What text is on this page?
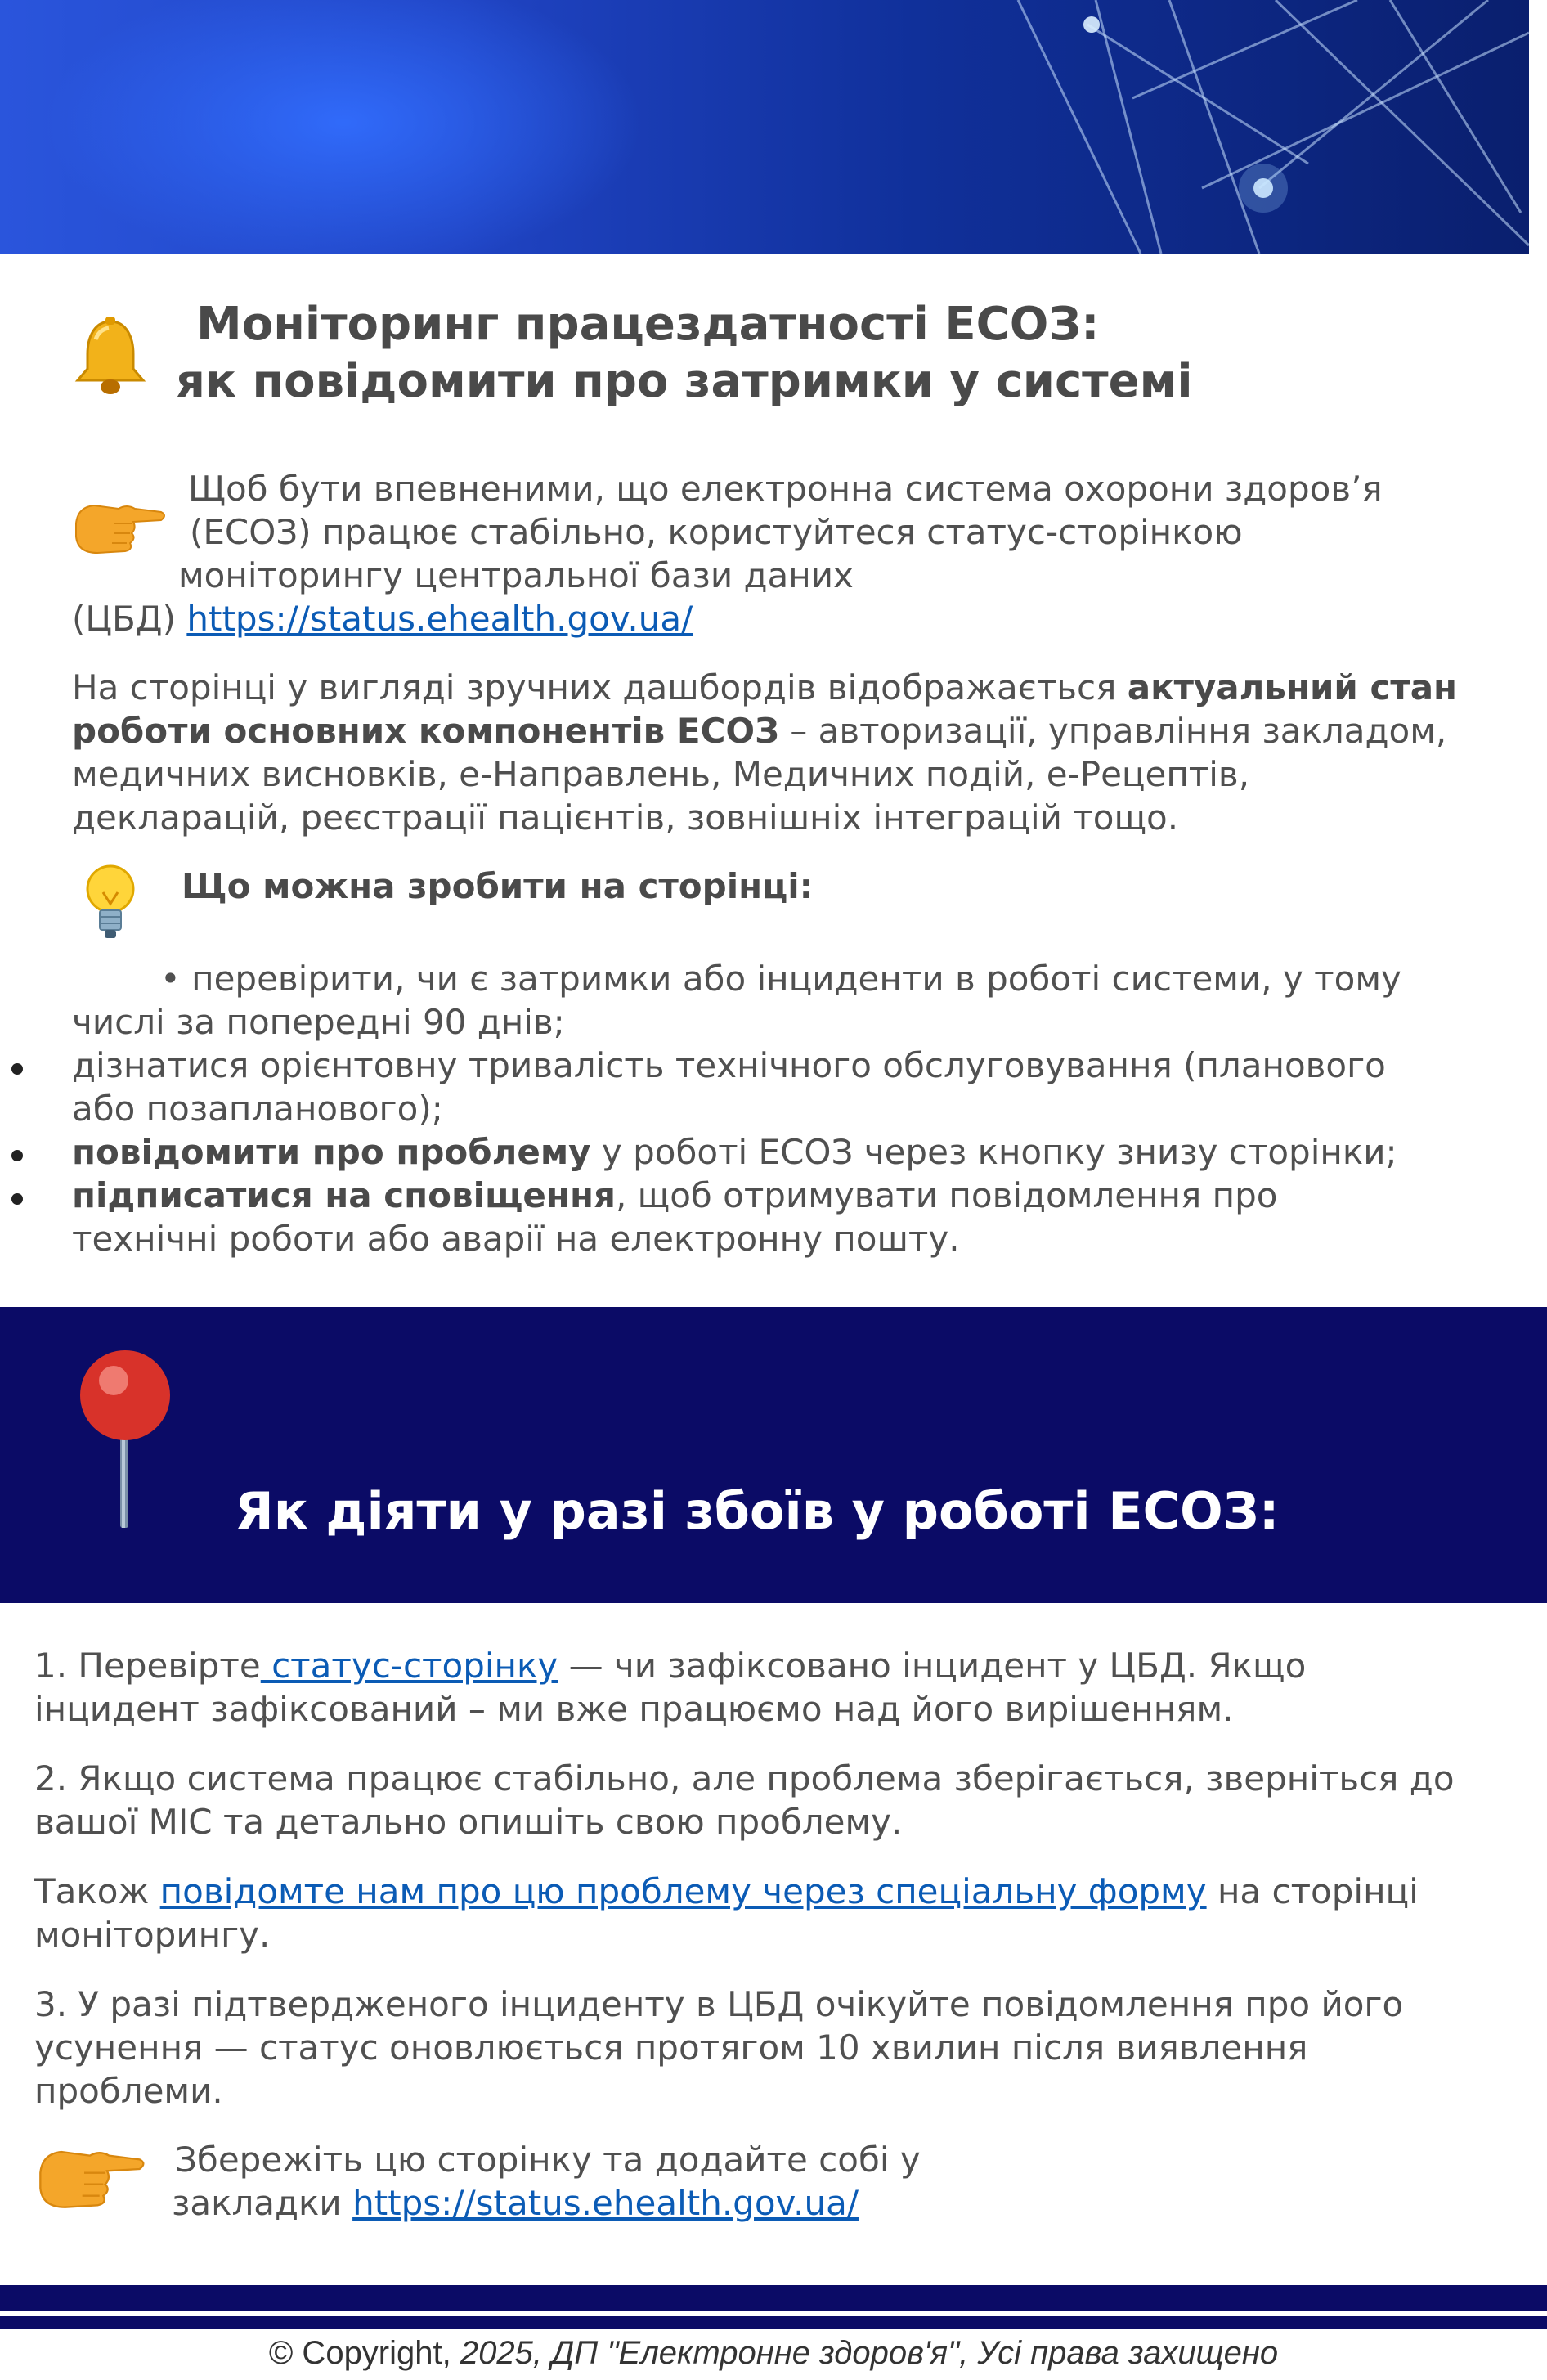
Моніторинг працездатності ЕСОЗ:
як повідомити про затримки у системі
Щоб бути впевненими, що електронна система охорони здоров’я
(ЕСОЗ) працює стабільно, користуйтеся статус-сторінкою
моніторингу центральної бази даних
(ЦБД) https://status.ehealth.gov.ua/
На сторінці у вигляді зручних дашбордів відображається актуальний стан роботи основних компонентів ЕСОЗ – авторизації, управління закладом, медичних висновків, е-Направлень, Медичних подій, е-Рецептів, декларацій, реєстрації пацієнтів, зовнішніх інтеграцій тощо.
Що можна зробити на сторінці:
• перевірити, чи є затримки або інциденти в роботі системи, у тому
числі за попередні 90 днів;
дізнатися орієнтовну тривалість технічного обслуговування (планового
або позапланового);
повідомити про проблему у роботі ЕСОЗ через кнопку знизу сторінки;
підписатися на сповіщення, щоб отримувати повідомлення про
технічні роботи або аварії на електронну пошту.
Як діяти у разі збоїв у роботі ЕСОЗ:
1. Перевірте статус-сторінку — чи зафіксовано інцидент у ЦБД. Якщо
інцидент зафіксований – ми вже працюємо над його вирішенням.
2. Якщо система працює стабільно, але проблема зберігається, зверніться до
вашої МІС та детально опишіть свою проблему.
Також повідомте нам про цю проблему через спеціальну форму на сторінці
моніторингу.
3. У разі підтвердженого інциденту в ЦБД очікуйте повідомлення про його
усунення — статус оновлюється протягом 10 хвилин після виявлення
проблеми.
Збережіть цю сторінку та додайте собі у
закладки https://status.ehealth.gov.ua/
© Copyright, 2025, ДП "Електронне здоров'я", Усі права захищено
